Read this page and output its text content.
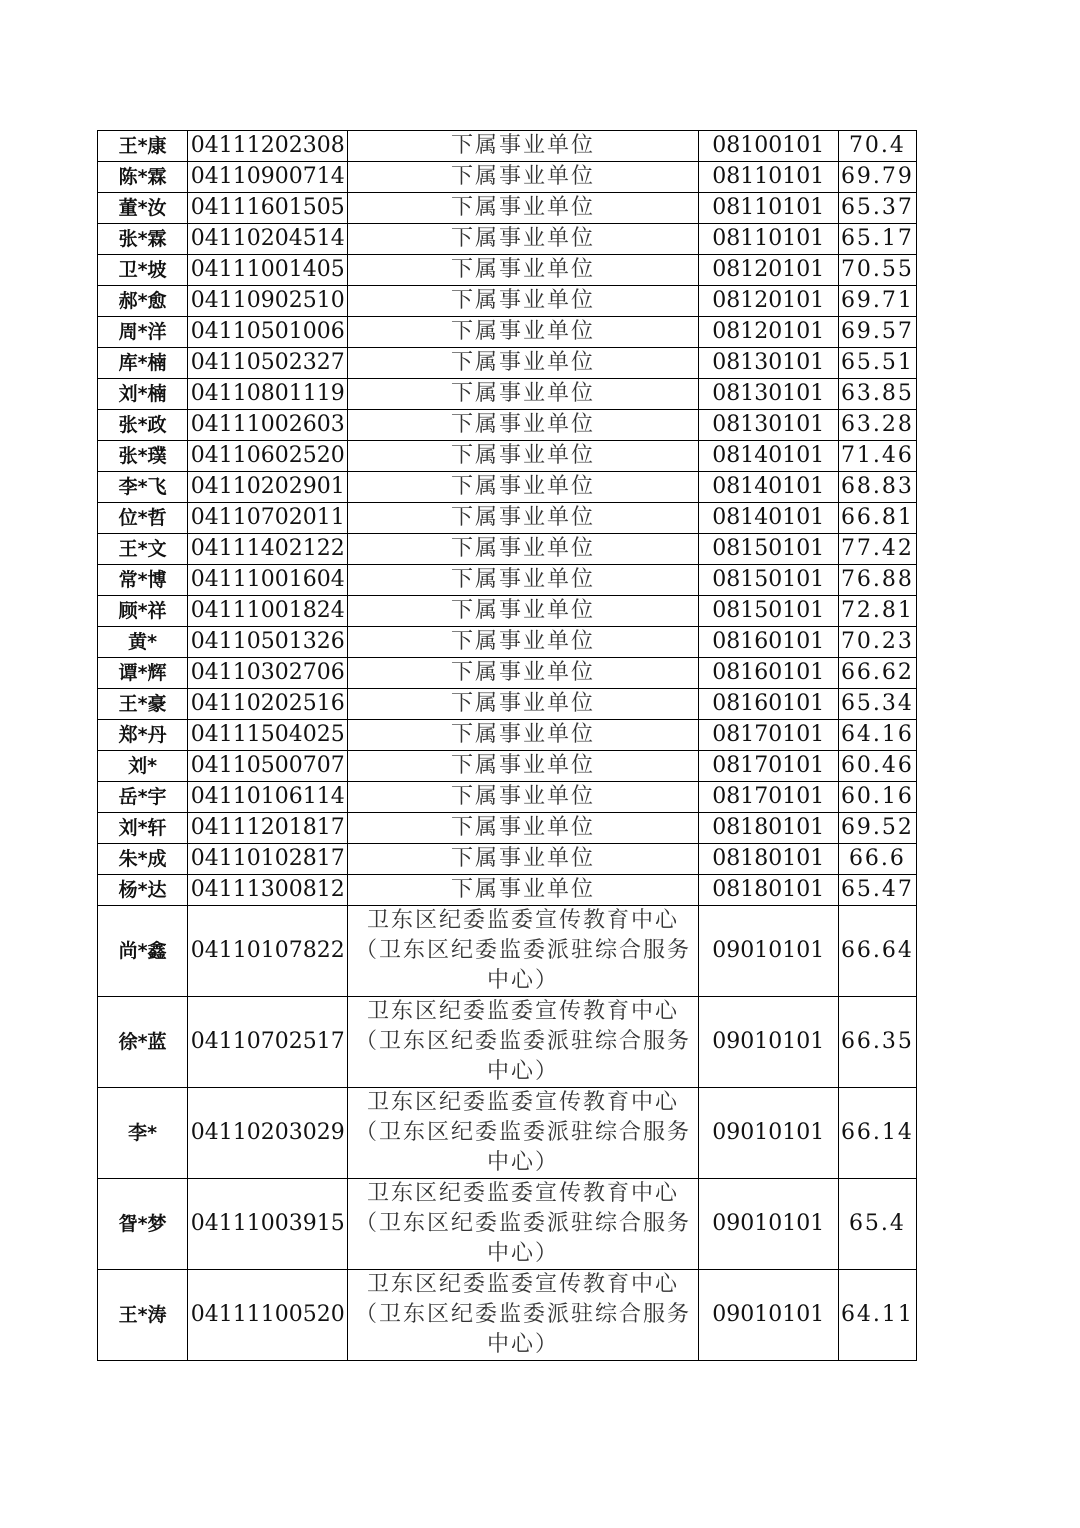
王*康	04111202308	下属事业单位	08100101	70.4
陈*霖	04110900714	下属事业单位	08110101	69.79
董*汝	04111601505	下属事业单位	08110101	65.37
张*霖	04110204514	下属事业单位	08110101	65.17
卫*坡	04111001405	下属事业单位	08120101	70.55
郝*愈	04110902510	下属事业单位	08120101	69.71
周*洋	04110501006	下属事业单位	08120101	69.57
库*楠	04110502327	下属事业单位	08130101	65.51
刘*楠	04110801119	下属事业单位	08130101	63.85
张*政	04111002603	下属事业单位	08130101	63.28
张*璞	04110602520	下属事业单位	08140101	71.46
李*飞	04110202901	下属事业单位	08140101	68.83
位*哲	04110702011	下属事业单位	08140101	66.81
王*文	04111402122	下属事业单位	08150101	77.42
常*博	04111001604	下属事业单位	08150101	76.88
顾*祥	04111001824	下属事业单位	08150101	72.81
黄*	04110501326	下属事业单位	08160101	70.23
谭*辉	04110302706	下属事业单位	08160101	66.62
王*豪	04110202516	下属事业单位	08160101	65.34
郑*丹	04111504025	下属事业单位	08170101	64.16
刘*	04110500707	下属事业单位	08170101	60.46
岳*宇	04110106114	下属事业单位	08170101	60.16
刘*轩	04111201817	下属事业单位	08180101	69.52
朱*成	04110102817	下属事业单位	08180101	66.6
杨*达	04111300812	下属事业单位	08180101	65.47
尚*鑫	04110107822	卫东区纪委监委宣传教育中心（卫东区纪委监委派驻综合服务中心）	09010101	66.64
徐*蓝	04110702517	卫东区纪委监委宣传教育中心（卫东区纪委监委派驻综合服务中心）	09010101	66.35
李*	04110203029	卫东区纪委监委宣传教育中心（卫东区纪委监委派驻综合服务中心）	09010101	66.14
眢*梦	04111003915	卫东区纪委监委宣传教育中心（卫东区纪委监委派驻综合服务中心）	09010101	65.4
王*涛	04111100520	卫东区纪委监委宣传教育中心（卫东区纪委监委派驻综合服务中心）	09010101	64.11
